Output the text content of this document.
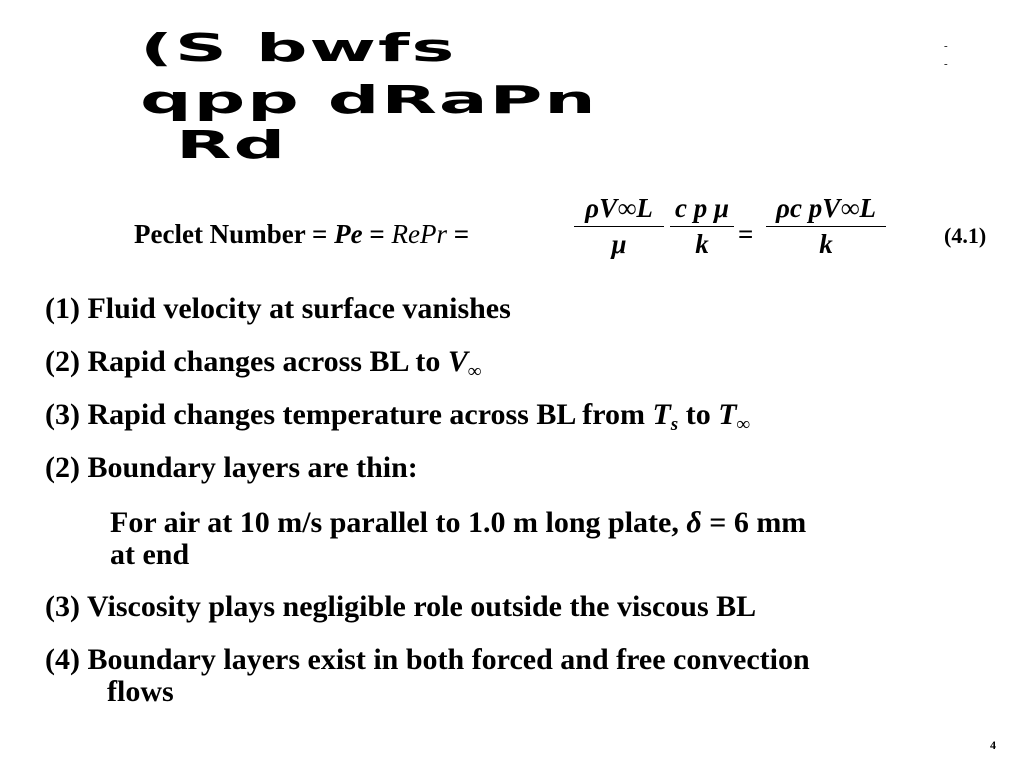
(S bwfs
qpp dRaPn
Rd
-
-
Peclet Number = Pe = RePr =
ρV∞L
μ
c p μ
k	=
ρc pV∞L
k	(4.1)
(1) Fluid velocity at surface vanishes
(2) Rapid changes across BL to $V_\infty$
(3) Rapid changes temperature across BL from $T_s$ to $T_\infty$
(2) Boundary layers are thin:
For air at 10 m/s parallel to 1.0 m long plate, δ = 6 mm
at end
(3) Viscosity plays negligible role outside the viscous BL
(4) Boundary layers exist in both forced and free convection
flows
4
